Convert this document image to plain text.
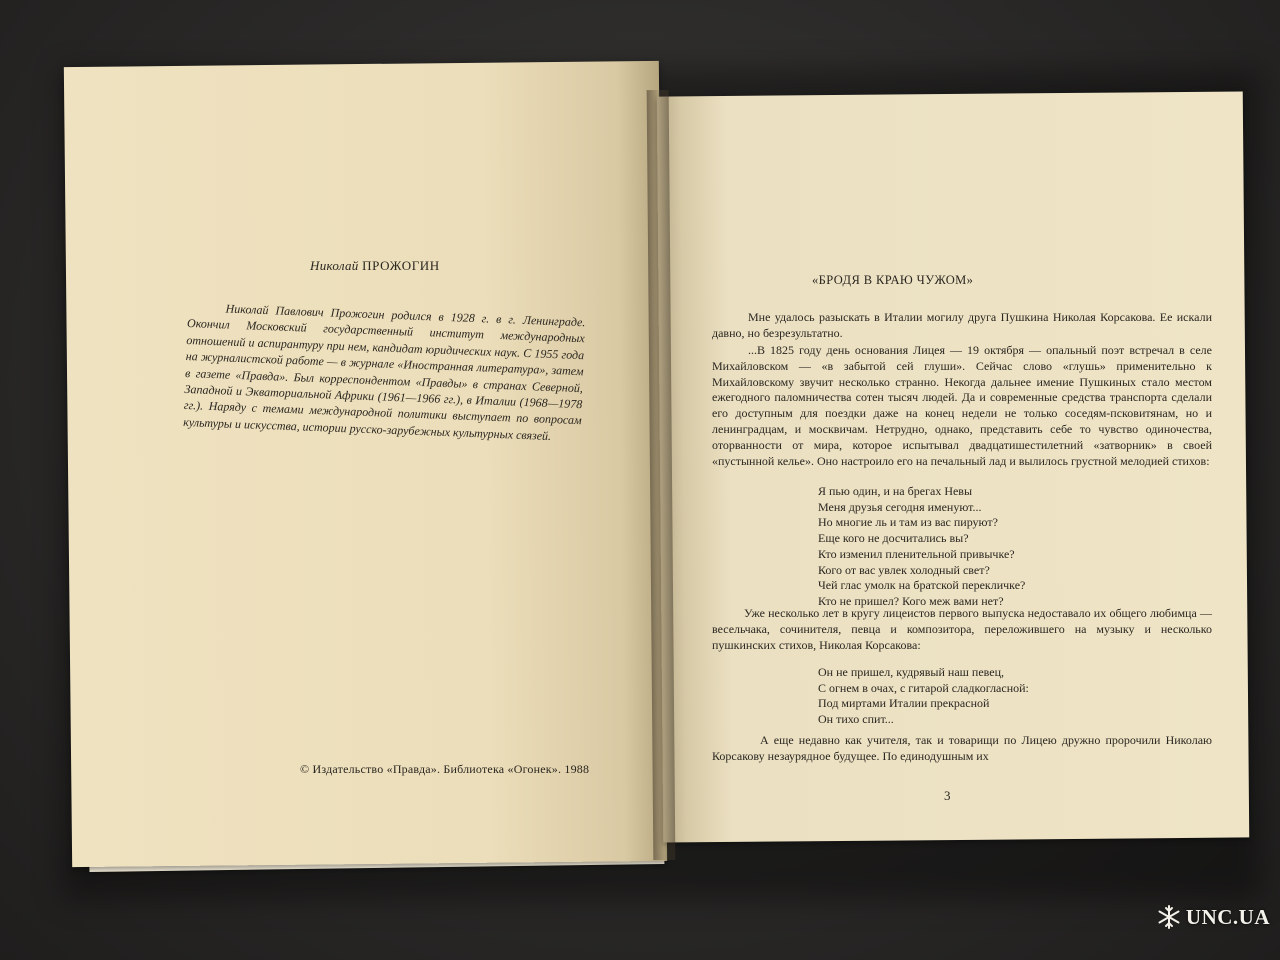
Николай ПРОЖОГИН
Николай Павлович Прожогин родился в 1928 г. в г. Ленинграде. Окончил Московский государственный институт международных отношений и аспирантуру при нем, кандидат юридических наук. С 1955 года на журналистской работе — в журнале «Иностранная литература», затем в газете «Правда». Был корреспондентом «Правды» в странах Северной, Западной и Экваториальной Африки (1961—1966 гг.), в Италии (1968—1978 гг.). Наряду с темами международной политики выступает по вопросам культуры и искусства, истории русско-зарубежных культурных связей.
© Издательство «Правда». Библиотека «Огонек». 1988
«БРОДЯ В КРАЮ ЧУЖОМ»
Мне удалось разыскать в Италии могилу друга Пушкина Николая Корсакова. Ее искали давно, но безрезультатно.
...В 1825 году день основания Лицея — 19 октября — опальный поэт встречал в селе Михайловском — «в забытой сей глуши». Сейчас слово «глушь» применительно к Михайловскому звучит несколько странно. Некогда дальнее имение Пушкиных стало местом ежегодного паломничества сотен тысяч людей. Да и современные средства транспорта сделали его доступным для поездки даже на конец недели не только соседям-псковитянам, но и ленинградцам, и москвичам. Нетрудно, однако, представить себе то чувство одиночества, оторванности от мира, которое испытывал двадцатишестилетний «затворник» в своей «пустынной келье». Оно настроило его на печальный лад и вылилось грустной мелодией стихов:
Я пью один, и на брегах Невы
Меня друзья сегодня именуют...
Но многие ль и там из вас пируют?
Еще кого не досчитались вы?
Кто изменил пленительной привычке?
Кого от вас увлек холодный свет?
Чей глас умолк на братской перекличке?
Кто не пришел? Кого меж вами нет?
Уже несколько лет в кругу лицеистов первого выпуска недоставало их общего любимца — весельчака, сочинителя, певца и композитора, переложившего на музыку и несколько пушкинских стихов, Николая Корсакова:
Он не пришел, кудрявый наш певец,
С огнем в очах, с гитарой сладкогласной:
Под миртами Италии прекрасной
Он тихо спит...
А еще недавно как учителя, так и товарищи по Лицею дружно пророчили Николаю Корсакову незаурядное будущее. По единодушным их
3
UNC.UA
